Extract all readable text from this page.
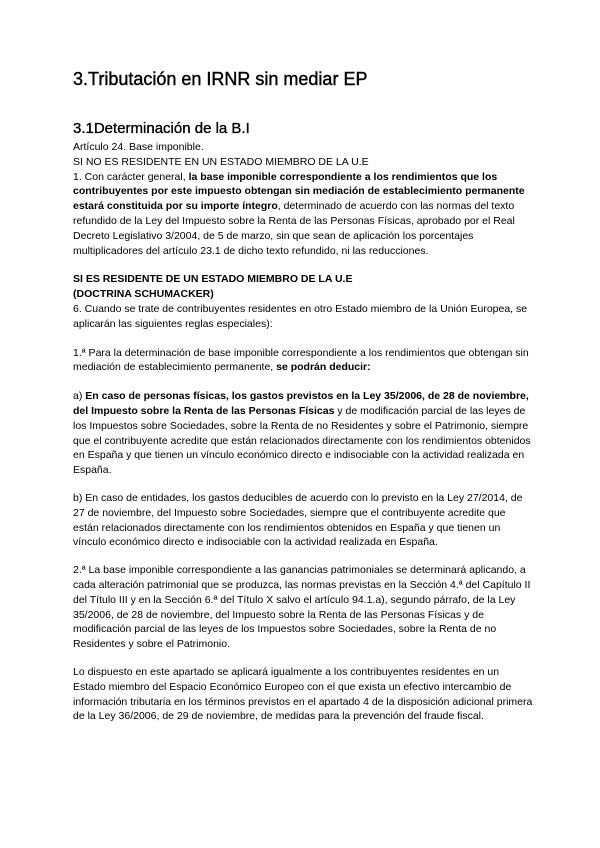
3.Tributación en IRNR sin mediar EP
3.1Determinación de la B.I

Artículo 24. Base imponible.

SI NO ES RESIDENTE EN UN ESTADO MIEMBRO DE LA U.E

1. Con carácter general, la base imponible correspondiente a los rendimientos que los contribuyentes por este impuesto obtengan sin mediación de establecimiento permanente estará constituida por su importe íntegro, determinado de acuerdo con las normas del texto refundido de la Ley del Impuesto sobre la Renta de las Personas Físicas, aprobado por el Real Decreto Legislativo 3/2004, de 5 de marzo, sin que sean de aplicación los porcentajes multiplicadores del artículo 23.1 de dicho texto refundido, ni las reducciones.

SI ES RESIDENTE DE UN ESTADO MIEMBRO DE LA U.E
(DOCTRINA SCHUMACKER)

6. Cuando se trate de contribuyentes residentes en otro Estado miembro de la Unión Europea, se aplicarán las siguientes reglas especiales):

1.ª Para la determinación de base imponible correspondiente a los rendimientos que obtengan sin mediación de establecimiento permanente, se podrán deducir:

a) En caso de personas físicas, los gastos previstos en la Ley 35/2006, de 28 de noviembre, del Impuesto sobre la Renta de las Personas Físicas y de modificación parcial de las leyes de los Impuestos sobre Sociedades, sobre la Renta de no Residentes y sobre el Patrimonio, siempre que el contribuyente acredite que están relacionados directamente con los rendimientos obtenidos en España y que tienen un vínculo económico directo e indisociable con la actividad realizada en España.

b) En caso de entidades, los gastos deducibles de acuerdo con lo previsto en la Ley 27/2014, de 27 de noviembre, del Impuesto sobre Sociedades, siempre que el contribuyente acredite que están relacionados directamente con los rendimientos obtenidos en España y que tienen un vínculo económico directo e indisociable con la actividad realizada en España.

2.ª La base imponible correspondiente a las ganancias patrimoniales se determinará aplicando, a cada alteración patrimonial que se produzca, las normas previstas en la Sección 4.ª del Capítulo II del Título III y en la Sección 6.ª del Título X salvo el artículo 94.1.a), segundo párrafo, de la Ley 35/2006, de 28 de noviembre, del Impuesto sobre la Renta de las Personas Físicas y de modificación parcial de las leyes de los Impuestos sobre Sociedades, sobre la Renta de no Residentes y sobre el Patrimonio.

Lo dispuesto en este apartado se aplicará igualmente a los contribuyentes residentes en un Estado miembro del Espacio Económico Europeo con el que exista un efectivo intercambio de información tributaria en los términos previstos en el apartado 4 de la disposición adicional primera de la Ley 36/2006, de 29 de noviembre, de medidas para la prevención del fraude fiscal.
